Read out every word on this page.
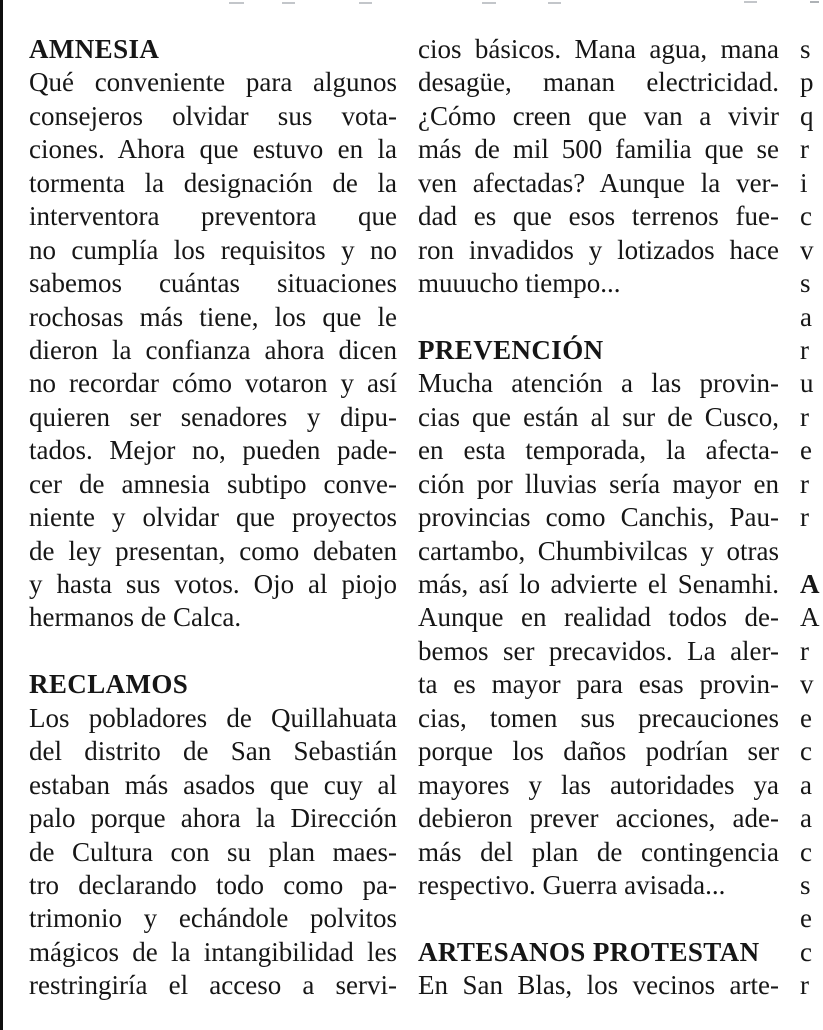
AMNESIA
Qué conveniente para algunos
consejeros olvidar sus vota-
ciones. Ahora que estuvo en la
tormenta la designación de la
interventora preventora que
no cumplía los requisitos y no
sabemos cuántas situaciones
rochosas más tiene, los que le
dieron la confianza ahora dicen
no recordar cómo votaron y así
quieren ser senadores y dipu-
tados. Mejor no, pueden pade-
cer de amnesia subtipo conve-
niente y olvidar que proyectos
de ley presentan, como debaten
y hasta sus votos. Ojo al piojo
hermanos de Calca.
RECLAMOS
Los pobladores de Quillahuata
del distrito de San Sebastián
estaban más asados que cuy al
palo porque ahora la Dirección
de Cultura con su plan maes-
tro declarando todo como pa-
trimonio y echándole polvitos
mágicos de la intangibilidad les
restringiría el acceso a servi-
cios básicos. Mana agua, mana
desagüe, manan electricidad.
¿Cómo creen que van a vivir
más de mil 500 familia que se
ven afectadas? Aunque la ver-
dad es que esos terrenos fue-
ron invadidos y lotizados hace
muuucho tiempo...
PREVENCIÓN
Mucha atención a las provin-
cias que están al sur de Cusco,
en esta temporada, la afecta-
ción por lluvias sería mayor en
provincias como Canchis, Pau-
cartambo, Chumbivilcas y otras
más, así lo advierte el Senamhi.
Aunque en realidad todos de-
bemos ser precavidos. La aler-
ta es mayor para esas provin-
cias, tomen sus precauciones
porque los daños podrían ser
mayores y las autoridades ya
debieron prever acciones, ade-
más del plan de contingencia
respectivo. Guerra avisada...
ARTESANOS PROTESTAN
En San Blas, los vecinos arte-
s
p
q
r
i
c
v
s
a
r
u
r
e
r
r
A
A
r
v
e
c
a
a
c
s
e
c
r
